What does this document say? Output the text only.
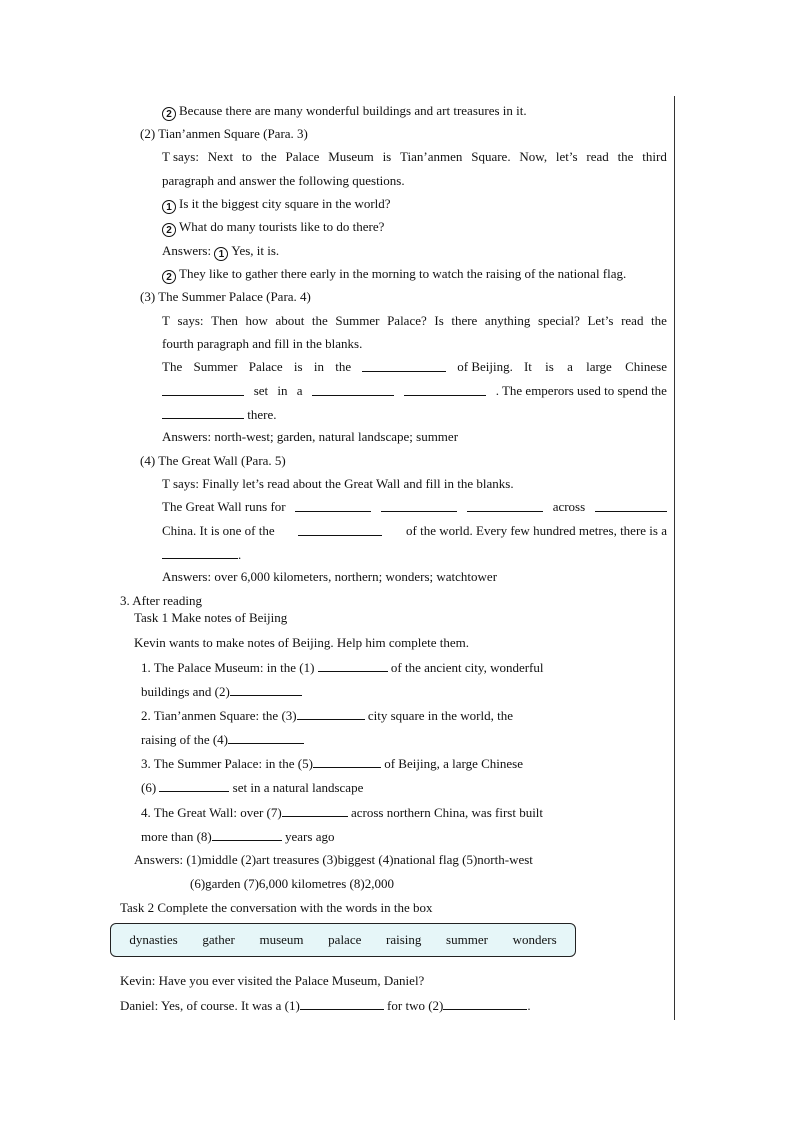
2 Because there are many wonderful buildings and art treasures in it.
(2) Tian’anmen Square (Para. 3)
T says: Next to the Palace Museum is Tian’anmen Square. Now, let’s read the third
paragraph and answer the following questions.
1 Is it the biggest city square in the world?
2 What do many tourists like to do there?
Answers: 1 Yes, it is.
2 They like to gather there early in the morning to watch the raising of the national flag.
(3) The Summer Palace (Para. 4)
T says: Then how about the Summer Palace? Is there anything special? Let’s read the
fourth paragraph and fill in the blanks.
The Summer Palace is in the	of Beijing. It is a large Chinese
set in a	. The emperors used to spend the
there.
Answers: north-west; garden, natural landscape; summer
(4) The Great Wall (Para. 5)
T says: Finally let’s read about the Great Wall and fill in the blanks.
The Great Wall runs for	across
China. It is one of the	of the world. Every few hundred metres, there is a
.
Answers: over 6,000 kilometers, northern; wonders; watchtower
3. After reading
Task 1 Make notes of Beijing
Kevin wants to make notes of Beijing. Help him complete them.
1. The Palace Museum: in the (1)	of the ancient city, wonderful
buildings and (2)
2. Tian’anmen Square: the (3)	city square in the world, the
raising of the (4)
3. The Summer Palace: in the (5)	of Beijing, a large Chinese
(6)	set in a natural landscape
4. The Great Wall: over (7)	across northern China, was first built
more than (8)	years ago
Answers: (1)middle (2)art treasures (3)biggest (4)national flag (5)north-west
(6)garden (7)6,000 kilometres (8)2,000
Task 2 Complete the conversation with the words in the box
dynasties gather museum palace raising summer wonders
Kevin: Have you ever visited the Palace Museum, Daniel?
Daniel: Yes, of course. It was a (1)	for two (2)	.
